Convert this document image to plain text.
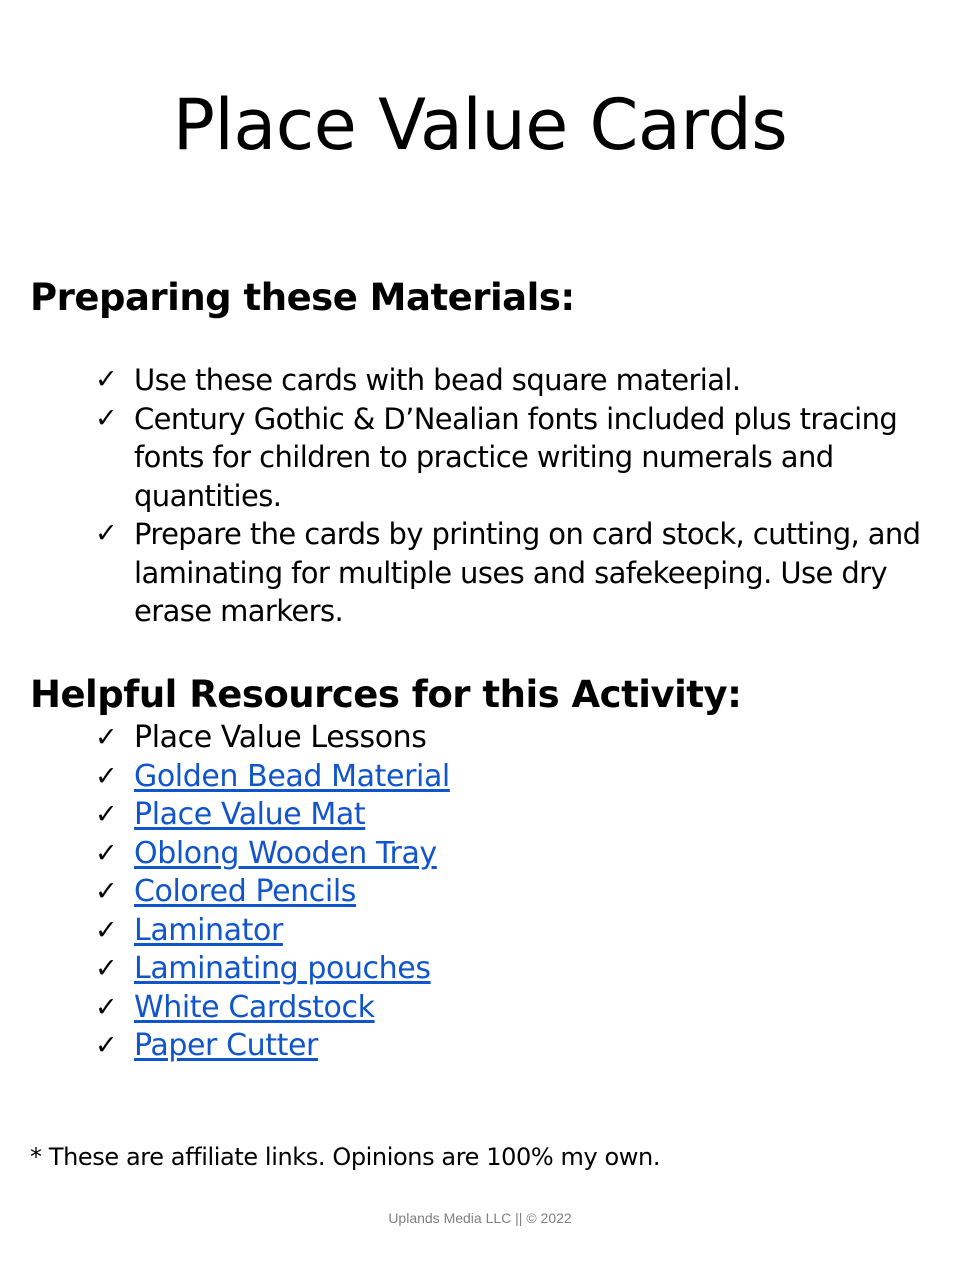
Place Value Cards
Preparing these Materials:
✓ Use these cards with bead square material.
✓ Century Gothic & D’Nealian fonts included plus tracing fonts for children to practice writing numerals and quantities.
✓ Prepare the cards by printing on card stock, cutting, and laminating for multiple uses and safekeeping. Use dry erase markers.
Helpful Resources for this Activity:
✓ Place Value Lessons
✓ Golden Bead Material
✓ Place Value Mat
✓ Oblong Wooden Tray
✓ Colored Pencils
✓ Laminator
✓ Laminating pouches
✓ White Cardstock
✓ Paper Cutter

* These are affiliate links. Opinions are 100% my own.

Uplands Media LLC || © 2022
